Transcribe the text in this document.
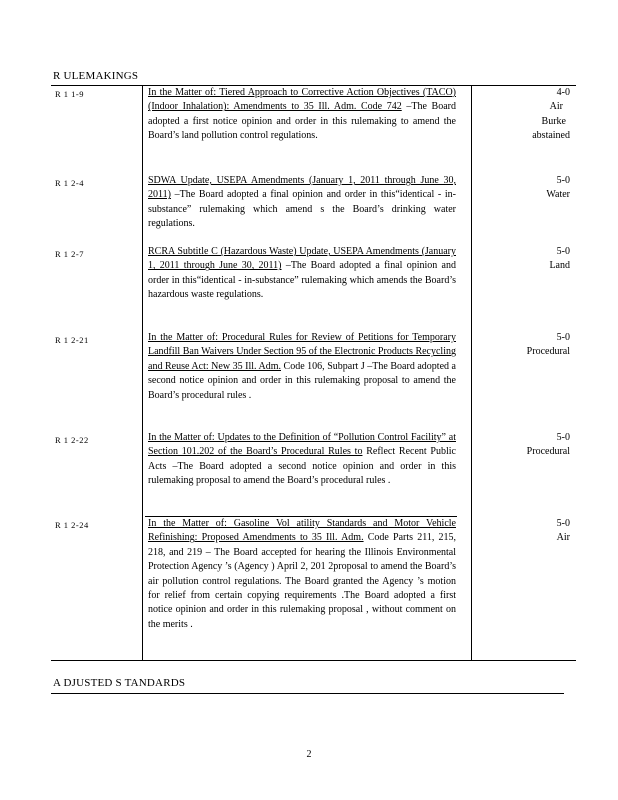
R ULEMAKINGS
R 1 1-9	In the Matter of: Tiered Approach to Corrective Action Objectives (TACO) (Indoor Inhalation): Amendments to 35 Ill. Adm. Code 742 –The Board adopted a first notice opinion and order in this rulemaking to amend the Board’s land pollution control regulations.
4-0
Air
Burke
abstained
R 1 2-4	SDWA Update, USEPA Amendments (January 1, 2011 through June 30, 2011) –The Board adopted a final opinion and order in this“identical - in-substance” rulemaking which amend s the Board’s drinking water regulations.
5-0
Water
R 1 2-7	RCRA Subtitle C (Hazardous Waste) Update, USEPA Amendments (January 1, 2011 through June 30, 2011) –The Board adopted a final opinion and order in this“identical - in-substance” rulemaking which amends the Board’s hazardous waste regulations.
5-0
Land
R 1 2-21	In the Matter of: Procedural Rules for Review of Petitions for Temporary Landfill Ban Waivers Under Section 95 of the Electronic Products Recycling and Reuse Act: New 35 Ill. Adm. Code 106, Subpart J –The Board adopted a second notice opinion and order in this rulemaking proposal to amend the Board’s procedural rules .
5-0
Procedural
R 1 2-22	In the Matter of: Updates to the Definition of “Pollution Control Facility” at Section 101.202 of the Board’s Procedural Rules to Reflect Recent Public Acts –The Board adopted a second notice opinion and order in this rulemaking proposal to amend the Board’s procedural rules .
5-0
Procedural
R 1 2-24	In the Matter of: Gasoline Vol atility Standards and Motor Vehicle Refinishing: Proposed Amendments to 35 Ill. Adm. Code Parts 211, 215, 218, and 219 – The Board accepted for hearing the Illinois Environmental Protection Agency ’s (Agency ) April 2, 201 2proposal to amend the Board’s air pollution control regulations. The Board granted the Agency ’s motion for relief from certain copying requirements .The Board adopted a first notice opinion and order in this rulemaking proposal , without comment on the merits .
5-0
Air
A DJUSTED S TANDARDS
2
